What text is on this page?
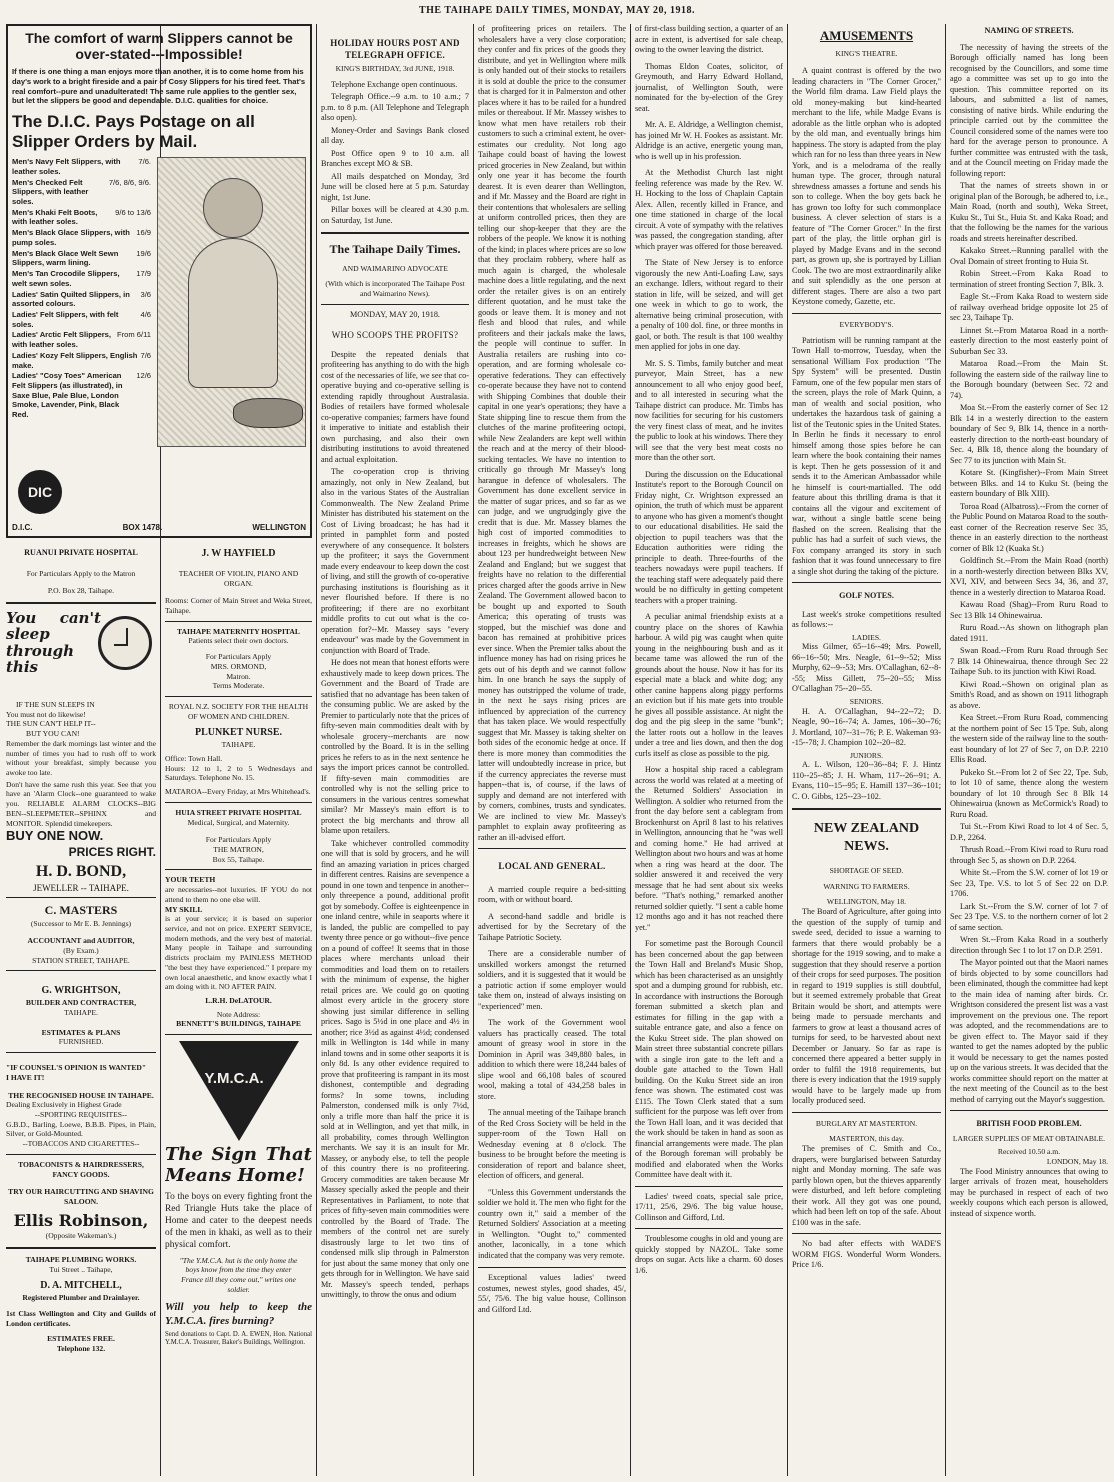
THE TAIHAPE DAILY TIMES, MONDAY, MAY 20, 1918.
The comfort of warm Slippers cannot be over-stated---Impossible!
If there is one thing a man enjoys more than another, it is to come home from his day's work to a bright fireside and a pair of Cosy Slippers for his tired feet. That's real comfort--pure and unadulterated! The same rule applies to the gentler sex, but let the slippers be good and dependable. D.I.C. qualities for choice.
The D.I.C. Pays Postage on all Slipper Orders by Mail.
Men's Navy Felt Slippers, with leather soles.
7/6.
Men's Checked Felt Slippers, with leather soles.
7/6, 8/6, 9/6.
Men's Khaki Felt Boots, with leather soles.
9/6 to 13/6
Men's Black Glace Slippers, with pump soles.
16/9
Men's Black Glace Welt Sewn Slippers, warm lining.
19/6
Men's Tan Crocodile Slippers, welt sewn soles.
17/9
Ladies' Satin Quilted Slippers, in assorted colours.
3/6
Ladies' Felt Slippers, with felt soles.
4/6
Ladies' Arctic Felt Slippers, with leather soles.
From 6/11
Ladies' Kozy Felt Slippers, English make.
7/6
Ladies' "Cosy Toes" American Felt Slippers (as illustrated), in Saxe Blue, Pale Blue, London Smoke, Lavender, Pink, Black Red.
12/6
DIC
D.I.C.	BOX 1478.	WELLINGTON
RUANUI PRIVATE HOSPITAL
For Particulars Apply to the Matron
P.O. Box 28, Taihape.
You can't sleep through this
IF THE SUN SLEEPS IN
You must not do likewise!
THE SUN CAN'T HELP IT--
BUT YOU CAN!
Remember the dark mornings last winter and the number of times you had to rush off to work without your breakfast, simply because you awoke too late.
Don't have the same rush this year. See that you have an 'Alarm Clock--one guaranteed to wake you. RELIABLE ALARM CLOCKS--BIG BEN--SLEEPMETER--SPHINX and MONITOR. Splendid timekeepers.
BUY ONE NOW.
PRICES RIGHT.
H. D. BOND,
JEWELLER -- TAIHAPE.
C. MASTERS
(Successor to Mr E. B. Jennings)
ACCOUNTANT and AUDITOR,
(By Exam.)
STATION STREET, TAIHAPE.
G. WRIGHTSON,
BUILDER AND CONTRACTER,
TAIHAPE.
ESTIMATES & PLANS
FURNISHED.
"IF COUNSEL'S OPINION IS WANTED"
I HAVE IT!
THE RECOGNISED HOUSE IN TAIHAPE.
Dealing Exclusively in Highest Grade
--SPORTING REQUISITES--
G.B.D., Barling, Loewe, B.B.B. Pipes, in Plain, Silver, or Gold-Mounted.
--TOBACCOS AND CIGARETTES--
TOBACONISTS & HAIRDRESSERS, FANCY GOODS.
TRY OUR HAIRCUTTING AND SHAVING SALOON.
Ellis Robinson,
(Opposite Wakeman's.)
TAIHAPE PLUMBING WORKS.
Tui Street .. Taihape,
D. A. MITCHELL,
Registered Plumber and Drainlayer.
1st Class Wellington and City and Guilds of London certificates.
ESTIMATES FREE.
Telephone 132.
J. W HAYFIELD
TEACHER OF VIOLIN, PIANO AND ORGAN.
Rooms: Corner of Main Street and Weka Street, Taihape.
TAIHAPE MATERNITY HOSPITAL
Patients select their own doctors.
For Particulars Apply
MRS. ORMOND,
Matron.
Terms Moderate.
ROYAL N.Z. SOCIETY FOR THE HEALTH OF WOMEN AND CHILDREN.
PLUNKET NURSE.
TAIHAPE.
Office: Town Hall.
Hours: 12 to 1, 2 to 5 Wednesdays and Saturdays. Telephone No. 15.
MATAROA--Every Friday, at Mrs Whitehead's.
HUIA STREET PRIVATE HOSPITAL
Medical, Surgical, and Maternity.
For Particulars Apply
THE MATRON,
Box 55, Taihape.
YOUR TEETH
are necessaries--not luxuries. IF YOU do not attend to them no one else will.
MY SKILL
is at your service; it is based on superior service, and not on price. EXPERT SERVICE, modern methods, and the very best of material. Many people in Taihape and surrounding districts proclaim my PAINLESS METHOD "the best they have experienced." I prepare my own local anaesthetic, and know exactly what I am doing with it. NO AFTER PAIN.
L.R.H. DeLATOUR.
Note Address:
BENNETT'S BUILDINGS, TAIHAPE
Y.M.C.A.
The Sign That Means Home!
To the boys on every fighting front the Red Triangle Huts take the place of Home and cater to the deepest needs of the men in khaki, as well as to their physical comfort.
"The Y.M.C.A. hut is the only home the boys know from the time they enter France till they come out," writes one soldier.
Will you help to keep the Y.M.C.A. fires burning?
Send donations to Capt. D. A. EWEN, Hon. National Y.M.C.A. Treasurer, Baker's Buildings, Wellington.
HOLIDAY HOURS POST AND TELEGRAPH OFFICE.
KING'S BIRTHDAY, 3rd JUNE, 1918.

Telephone Exchange open continuous.

Telegraph Office.--9 a.m. to 10 a.m.; 7 p.m. to 8 p.m. (All Telephone and Telegraph also open).

Money-Order and Savings Bank closed all day.

Post Office open 9 to 10 a.m. all Branches except MO & SB.

All mails despatched on Monday, 3rd June will be closed here at 5 p.m. Saturday night, 1st June.

Pillar boxes will be cleared at 4.30 p.m. on Saturday, 1st June.

The Taihape Daily Times.
AND WAIMARINO ADVOCATE
(With which is incorporated The Taihape Post and Waimarino News).
MONDAY, MAY 20, 1918.
WHO SCOOPS THE PROFITS?

Despite the repeated denials that profiteering has anything to do with the high cost of the necessaries of life, we see that co-operative buying and co-operative selling is extending rapidly throughout Australasia. Bodies of retailers have formed wholesale co-operative companies; farmers have found it imperative to initiate and establish their own purchasing, and also their own distributing institutions to avoid threatened and actual exploitation.

The co-operation crop is thriving amazingly, not only in New Zealand, but also in the various States of the Australian Commonwealth. The New Zealand Prime Minister has distributed his statement on the Cost of Living broadcast; he has had it printed in pamphlet form and posted everywhere of any consequence. It bolsters up the profiteer; it says the Government made every endeavour to keep down the cost of living, and still the growth of co-operative purchasing institutions is flourishing as it never flourished before. If there is no profiteering; if there are no exorbitant middle profits to cut out what is the co-operation for?--Mr. Massey says "every endeavour" was made by the Government in conjunction with Board of Trade.

He does not mean that honest efforts were exhaustively made to keep down prices. The Government and the Board of Trade are satisfied that no advantage has been taken of the consuming public. We are asked by the Premier to particularly note that the prices of fifty-seven main commodities dealt with by wholesale grocery--merchants are now controlled by the Board. It is in the selling prices he refers to as in the next sentence he says the import prices cannot be controlled. If fifty-seven main commodities are controlled why is not the selling price to consumers in the various centres somewhat similar? Mr Massey's main effort is to protect the big merchants and throw all blame upon retailers.

Take whichever controlled commodity one will that is sold by grocers, and he will find an amazing variation in prices charged in different centres. Raisins are sevenpence a pound in one town and tenpence in another--only threepence a pound, additional profit got by somebody. Coffee is eighteenpence in one inland centre, while in seaports where it is landed, the public are compelled to pay twenty three pence or go without--five pence on a pound of coffee! It seems that in those places where merchants unload their commodities and load them on to retailers with the minimum of expense, the higher retail prices are. We could go on quoting almost every article in the grocery store showing just similar difference in selling prices. Sago is 5½d in one place and 4½ in another; rice 3½d as against 4½d; condensed milk in Wellington is 14d while in many inland towns and in some other seaports it is only 8d. Is any other evidence required to prove that profiteering is rampant in its most dishonest, contemptible and degrading forms? In some towns, including Palmerston, condensed milk is only 7½d, only a trifle more than half the price it is sold at in Wellington, and yet that milk, in all probability, comes through Wellington merchants. We say it is an insult for Mr. Massey, or anybody else, to tell the people of this country there is no profiteering. Grocery commodities are taken because Mr Massey specially asked the people and their Representatives in Parliament, to note that prices of fifty-seven main commodities were controlled by the Board of Trade. The members of the control net are surely disastrously large to let two tins of condensed milk slip through in Palmerston for just about the same money that only one gets through for in Wellington. We have said Mr. Massey's speech tended, perhaps unwittingly, to throw the onus and odium

of profiteering prices on retailers. The wholesalers have a very close corporation; they confer and fix prices of the goods they distribute, and yet in Wellington where milk is only handed out of their stocks to retailers it is sold at double the price to the consumer that is charged for it in Palmerston and other places where it has to be railed for a hundred miles or thereabout. If Mr. Massey wishes to know what men have retailers rob their customers to such a criminal extent, he over-estimates our credulity. Not long ago Taihape could boast of having the lowest priced groceries in New Zealand, but within only one year it has become the fourth dearest. It is even dearer than Wellington, and if Mr. Massey and the Board are right in their contentions that wholesalers are selling at uniform controlled prices, then they are telling our shop-keeper that they are the robbers of the people. We know it is nothing of the kind; in places where prices are so low that they proclaim robbery, where half as much again is charged, the wholesale machine does a little regulating, and the next order the retailer gives is on an entirely different quotation, and he must take the goods or leave them. It is money and not flesh and blood that rules, and while profiteers and their jackals make the laws, the people will continue to suffer. In Australia retailers are rushing into co-operation, and are forming wholesale co-operative federations. They can effectively co-operate because they have not to contend with Shipping Combines that double their capital in one year's operations; they have a State shipping line to rescue them from the clutches of the marine profiteering octopi, while New Zealanders are kept well within the reach and at the mercy of their blood-sucking tentacles. We have no intention to critically go through Mr Massey's long harangue in defence of wholesalers. The Government has done excellent service in the matter of sugar prices, and so far as we can judge, and we ungrudgingly give the credit that is due. Mr. Massey blames the high cost of imported commodities to increases in freights, which he shows are about 123 per hundredweight between New Zealand and England; but we suggest that freights have no relation to the differential prices charged after the goods arrive in New Zealand. The Government allowed bacon to be bought up and exported to South America; this operating of trusts was stopped, but the mischief was done and bacon has remained at prohibitive prices ever since. When the Premier talks about the influence money has had on rising prices he gets out of his depth and we cannot follow him. In one branch he says the supply of money has outstripped the volume of trade, in the next he says rising prices are influenced by appreciation of the currency that has taken place. We would respectfully suggest that Mr. Massey is taking shelter on both sides of the economic hedge at once. If there is more money than commodities the latter will undoubtedly increase in price, but if the currency appreciates the reverse must happen--that is, of course, if the laws of supply and demand are not interfered with by corners, combines, trusts and syndicates. We are inclined to view Mr. Massey's pamphlet to explain away profiteering as rather an ill-advised effort.

LOCAL AND GENERAL.

A married couple require a bed-sitting room, with or without board.

A second-hand saddle and bridle is advertised for by the Secretary of the Taihape Patriotic Society.

There are a considerable number of unskilled workers amongst the returned soldiers, and it is suggested that it would be a patriotic action if some employer would take them on, instead of always insisting on "experienced" men.

The work of the Government wool valuers has practically ceased. The total amount of greasy wool in store in the Dominion in April was 349,880 bales, in addition to which there were 18,244 bales of slipe wool and 66,108 bales of scoured wool, making a total of 434,258 bales in store.

The annual meeting of the Taihape branch of the Red Cross Society will be held in the supper-room of the Town Hall on Wednesday evening at 8 o'clock. The business to be brought before the meeting is consideration of report and balance sheet, election of officers, and general.

"Unless this Government understands the soldier we hold it. The men who fight for the country own it," said a member of the Returned Soldiers' Association at a meeting in Wellington. "Ought to," commented another, laconically, in a tone which indicated that the company was very remote.

Exceptional values ladies' tweed costumes, newest styles, good shades, 45/, 55/, 75/6. The big value house, Collinson and Gilford Ltd.

of first-class building section, a quarter of an acre in extent, is advertised for sale cheap, owing to the owner leaving the district.

Thomas Eldon Coates, solicitor, of Greymouth, and Harry Edward Holland, journalist, of Wellington South, were nominated for the by-election of the Grey seat.

Mr. A. E. Aldridge, a Wellington chemist, has joined Mr W. H. Fookes as assistant. Mr. Aldridge is an active, energetic young man, who is well up in his profession.

At the Methodist Church last night feeling reference was made by the Rev. W. H. Hocking to the loss of Chaplain Captain Alex. Allen, recently killed in France, and one time stationed in charge of the local circuit. A vote of sympathy with the relatives was passed, the congregation standing, after which prayer was offered for those bereaved.

The State of New Jersey is to enforce vigorously the new Anti-Loafing Law, says an exchange. Idlers, without regard to their station in life, will be seized, and will get one week in which to go to work, the alternative being criminal prosecution, with a penalty of 100 dol. fine, or three months in gaol, or both. The result is that 100 wealthy men applied for jobs in one day.

Mr. S. S. Timbs, family butcher and meat purveyor, Main Street, has a new announcement to all who enjoy good beef, and to all interested in securing what the Taihape district can produce. Mr. Timbs has now facilities for securing for his customers the very finest class of meat, and he invites the public to look at his windows. There they will see that the very best meat costs no more than the other sort.

During the discussion on the Educational Institute's report to the Borough Council on Friday night, Cr. Wrightson expressed an opinion, the truth of which must be apparent to anyone who has given a moment's thought to our educational disabilities. He said the objection to pupil teachers was that the Education authorities were riding the principle to death. Three-fourths of the teachers nowadays were pupil teachers. If the teaching staff were adequately paid there would be no difficulty in getting competent teachers with a proper training.

A peculiar animal friendship exists at a country place on the shores of Kawhia harbour. A wild pig was caught when quite young in the neighbouring bush and as it became tame was allowed the run of the grounds about the house. Now it has for its especial mate a black and white dog; any other canine happens along piggy performs an eviction but if his mate gets into trouble he gives all possible assistance. At night the dog and the pig sleep in the same "bunk"; the latter roots out a hollow in the leaves under a tree and lies down, and then the dog curls itself as close as possible to the pig.

How a hospital ship raced a cablegram across the world was related at a meeting of the Returned Soldiers' Association in Wellington. A soldier who returned from the front the day before sent a cablegram from Brockenhurst on April 8 last to his relatives in Wellington, announcing that he "was well and coming home." He had arrived at Wellington about two hours and was at home when a ring was heard at the door. The soldier answered it and received the very message that he had sent about six weeks before. "That's nothing," remarked another returned soldier quietly. "I sent a cable home 12 months ago and it has not reached there yet."

For sometime past the Borough Council has been concerned about the gap between the Town Hall and Breland's Music Shop, which has been characterised as an unsightly spot and a dumping ground for rubbish, etc. In accordance with instructions the Borough foreman submitted a sketch plan and estimates for filling in the gap with a suitable entrance gate, and also a fence on the Kuku Street side. The plan showed on Main street three substantial concrete pillars with a single iron gate to the left and a double gate attached to the Town Hall building. On the Kuku Street side an iron fence was shown. The estimated cost was £115. The Town Clerk stated that a sum sufficient for the purpose was left over from the Town Hall loan, and it was decided that the work should be taken in hand as soon as financial arrangements were made. The plan of the Borough foreman will probably be modified and elaborated when the Works Committee have dealt with it.

Ladies' tweed coats, special sale price, 17/11, 25/6, 29/6. The big value house, Collinson and Gifford, Ltd.

Troublesome coughs in old and young are quickly stopped by NAZOL. Take some drops on sugar. Acts like a charm. 60 doses 1/6.

AMUSEMENTS
KING'S THEATRE.

A quaint contrast is offered by the two leading characters in "The Corner Grocer," the World film drama. Law Field plays the old money-making but kind-hearted merchant to the life, while Madge Evans is adorable as the little orphan who is adopted by the old man, and eventually brings him happiness. The story is adapted from the play which ran for no less than three years in New York, and is a melodrama of the really human type. The grocer, through natural shrewdness amasses a fortune and sends his son to college. When the boy gets back he has grown too lofty for such commonplace business. A clever selection of stars is a feature of "The Corner Grocer." In the first part of the play, the little orphan girl is played by Madge Evans and in the second part, as grown up, she is portrayed by Lillian Cook. The two are most extraordinarily alike and suit splendidly as the one person at different stages. There are also a two part Keystone comedy, Gazette, etc.

EVERYBODY'S.

Patriotism will be running rampant at the Town Hall to-morrow, Tuesday, when the sensational William Fox production "The Spy System" will be presented. Dustin Farnum, one of the few popular men stars of the screen, plays the role of Mark Quinn, a man of wealth and social position, who undertakes the hazardous task of gaining a list of the Teutonic spies in the United States. In Berlin he finds it necessary to enrol himself among those spies before he can learn where the book containing their names is kept. Then he gets possession of it and sends it to the American Ambassador while he himself is court-martialled. The odd feature about this thrilling drama is that it contains all the vigour and excitement of war, without a single battle scene being flashed on the screen. Realising that the public has had a surfeit of such views, the Fox company arranged its story in such fashion that it was found unnecessary to fire a single shot during the taking of the picture.

GOLF NOTES.

Last week's stroke competitions resulted as follows:--

LADIES.

Miss Gilmer, 65--16--49; Mrs. Powell, 66--16--50; Mrs. Neagle, 61--9--52; Miss Murphy, 62--9--53; Mrs. O'Callaghan, 62--8--55; Miss Gillett, 75--20--55; Miss O'Callaghan 75--20--55.

SENIORS.

H. A. O'Callaghan, 94--22--72; D. Neagle, 90--16--74; A. James, 106--30--76; J. Mortland, 107--31--76; P. E. Wakeman 93--15--78; J. Champion 102--20--82.

JUNIORS.

A. L. Wilson, 120--36--84; F. J. Hintz 110--25--85; J. H. Wham, 117--26--91; A. Evans, 110--15--95; E. Hamill 137--36--101; C. O. Gibbs, 125--23--102.

NEW ZEALAND NEWS.
SHORTAGE OF SEED.
WARNING TO FARMERS.
WELLINGTON, May 18.

The Board of Agriculture, after going into the question of the supply of turnip and swede seed, decided to issue a warning to farmers that there would probably be a shortage for the 1919 sowing, and to make a suggestion that they should reserve a portion of their crops for seed purposes. The position in regard to 1919 supplies is still doubtful, but it seemed extremely probable that Great Britain would be short, and attempts were being made to persuade merchants and farmers to grow at least a thousand acres of turnips for seed, to be harvested about next December or January. So far as rape is concerned there appeared a better supply in order to fulfil the 1918 requirements, but there is every indication that the 1919 supply would have to be largely made up from locally produced seed.

BURGLARY AT MASTERTON.
MASTERTON, this day.

The premises of C. Smith and Co., drapers, were burglarised between Saturday night and Monday morning. The safe was partly blown open, but the thieves apparently were disturbed, and left before completing their work. All they got was one pound, which had been left on top of the safe. About £100 was in the safe.

No bad after effects with WADE'S WORM FIGS. Wonderful Worm Wonders. Price 1/6.

NAMING OF STREETS.

The necessity of having the streets of the Borough officially named has long been recognised by the Councillors, and some time ago a committee was set up to go into the question. This committee reported on its labours, and submitted a list of names, consisting of native birds. While enduring the principle carried out by the committee the Council considered some of the names were too hard for the average person to pronounce. A further committee was entrusted with the task, and at the Council meeting on Friday made the following report:

That the names of streets shown in or original plan of the Borough, be adhered to, i.e., Main Road, (north and south), Weka Street, Kuku St., Tui St., Huia St. and Kaka Road; and that the following be the names for the various roads and streets hereinafter described.

Kakako Street.--Running parallel with the Oval Domain of street fronting to Huia St.

Robin Street.--From Kaka Road to termination of street fronting Section 7, Blk. 3.

Eagle St.--From Kaka Road to western side of railway overhead bridge opposite lot 25 of sec 23, Taihape Tp.

Linnet St.--From Mataroa Road in a north-easterly direction to the most easterly point of Suburban Sec 33.

Mataroa Road.--From the Main St. following the eastern side of the railway line to the Borough boundary (between Sec. 72 and 74).

Moa St.--From the easterly corner of Sec 12 Blk 14 in a westerly direction to the eastern boundary of Sec 9, Blk 14, thence in a north-easterly direction to the north-east boundary of Sec. 4, Blk 18, thence along the boundary of Sec 77 to its junction with Main St.

Kotare St. (Kingfisher)--From Main Street between Blks. and 14 to Kuku St. (being the eastern boundary of Blk XIII).

Toroa Road (Albatross).--From the corner of the Public Pound on Mataroa Road to the south-east corner of the Recreation reserve Sec 35, thence in an easterly direction to the northeast corner of Blk 12 (Kuaka St.)

Goldfinch St.--From the Main Road (north) in a north-westerly direction between Blks XV, XVI, XIV, and between Secs 34, 36, and 37, thence in a westerly direction to Mataroa Road.

Kawau Road (Shag)--From Ruru Road to Sec 13 Blk 14 Ohinewairua.

Ruru Road.--As shown on lithograph plan dated 1911.

Swan Road.--From Ruru Road through Sec 7 Blk 14 Ohinewairua, thence through Sec 22 Taihape Sub. to its junction with Kiwi Road.

Kiwi Road.--Shown on original plan as Smith's Road, and as shown on 1911 lithograph as above.

Kea Street.--From Ruru Road, commencing at the northern point of Sec 15 Tpe. Sub, along the western side of the railway line to the south-east boundary of lot 27 of Sec 7, on D.P. 2210 Ellis Road.

Pukeko St.--From lot 2 of Sec 22, Tpe. Sub, to lot 10 of same, thence along the western boundary of lot 10 through Sec 8 Blk 14 Ohinewairua (known as McCormick's Road) to Ruru Road.

Tui St.--From Kiwi Road to lot 4 of Sec. 5, D.P., 2264.

Thrush Road.--From Kiwi road to Ruru road through Sec 5, as shown on D.P. 2264.

White St.--From the S.W. corner of lot 19 or Sec 23, Tpe. V.S. to lot 5 of Sec 22 on D.P. 1706.

Lark St.--From the S.W. corner of lot 7 of Sec 23 Tpe. V.S. to the northern corner of lot 2 of same section.

Wren St.--From Kaka Road in a southerly direction through Sec 1 to lot 17 on D.P. 2591.

The Mayor pointed out that the Maori names of birds objected to by some councillors had been eliminated, though the committee had kept to the main idea of naming after birds. Cr. Wrightson considered the present list was a vast improvement on the previous one. The report was adopted, and the recommendations are to be given effect to. The Mayor said if they wanted to get the names adopted by the public it would be necessary to get the names posted up on the various streets. It was decided that the works committee should report on the matter at the next meeting of the Council as to the best method of carrying out the Mayor's suggestion.

BRITISH FOOD PROBLEM.
LARGER SUPPLIES OF MEAT OBTAINABLE.
Received 10.50 a.m.
LONDON, May 18.

The Food Ministry announces that owing to larger arrivals of frozen meat, householders may be purchased in respect of each of two weekly coupons which each person is allowed, instead of sixpence worth.
